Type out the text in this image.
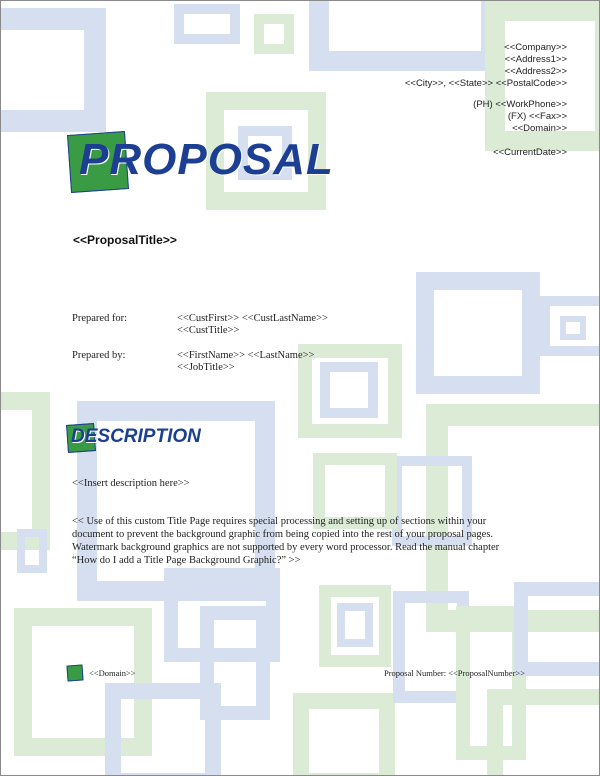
<<Company>>
<<Address1>>
<<Address2>>
<<City>>, <<State>> <<PostalCode>>
(PH) <<WorkPhone>>
(FX) <<Fax>>
<<Domain>>
<<CurrentDate>>
PROPOSAL
<<ProposalTitle>>
Prepared for:	<<CustFirst>> <<CustLastName>>
<<CustTitle>>
Prepared by:	<<FirstName>> <<LastName>>
<<JobTitle>>
DESCRIPTION
<<Insert description here>>
<< Use of this custom Title Page requires special processing and setting up of sections within your document to prevent the background graphic from being copied into the rest of your proposal pages. Watermark background graphics are not supported by every word processor. Read the manual chapter “How do I add a Title Page Background Graphic?” >>
<<Domain>>	Proposal Number: <<ProposalNumber>>
